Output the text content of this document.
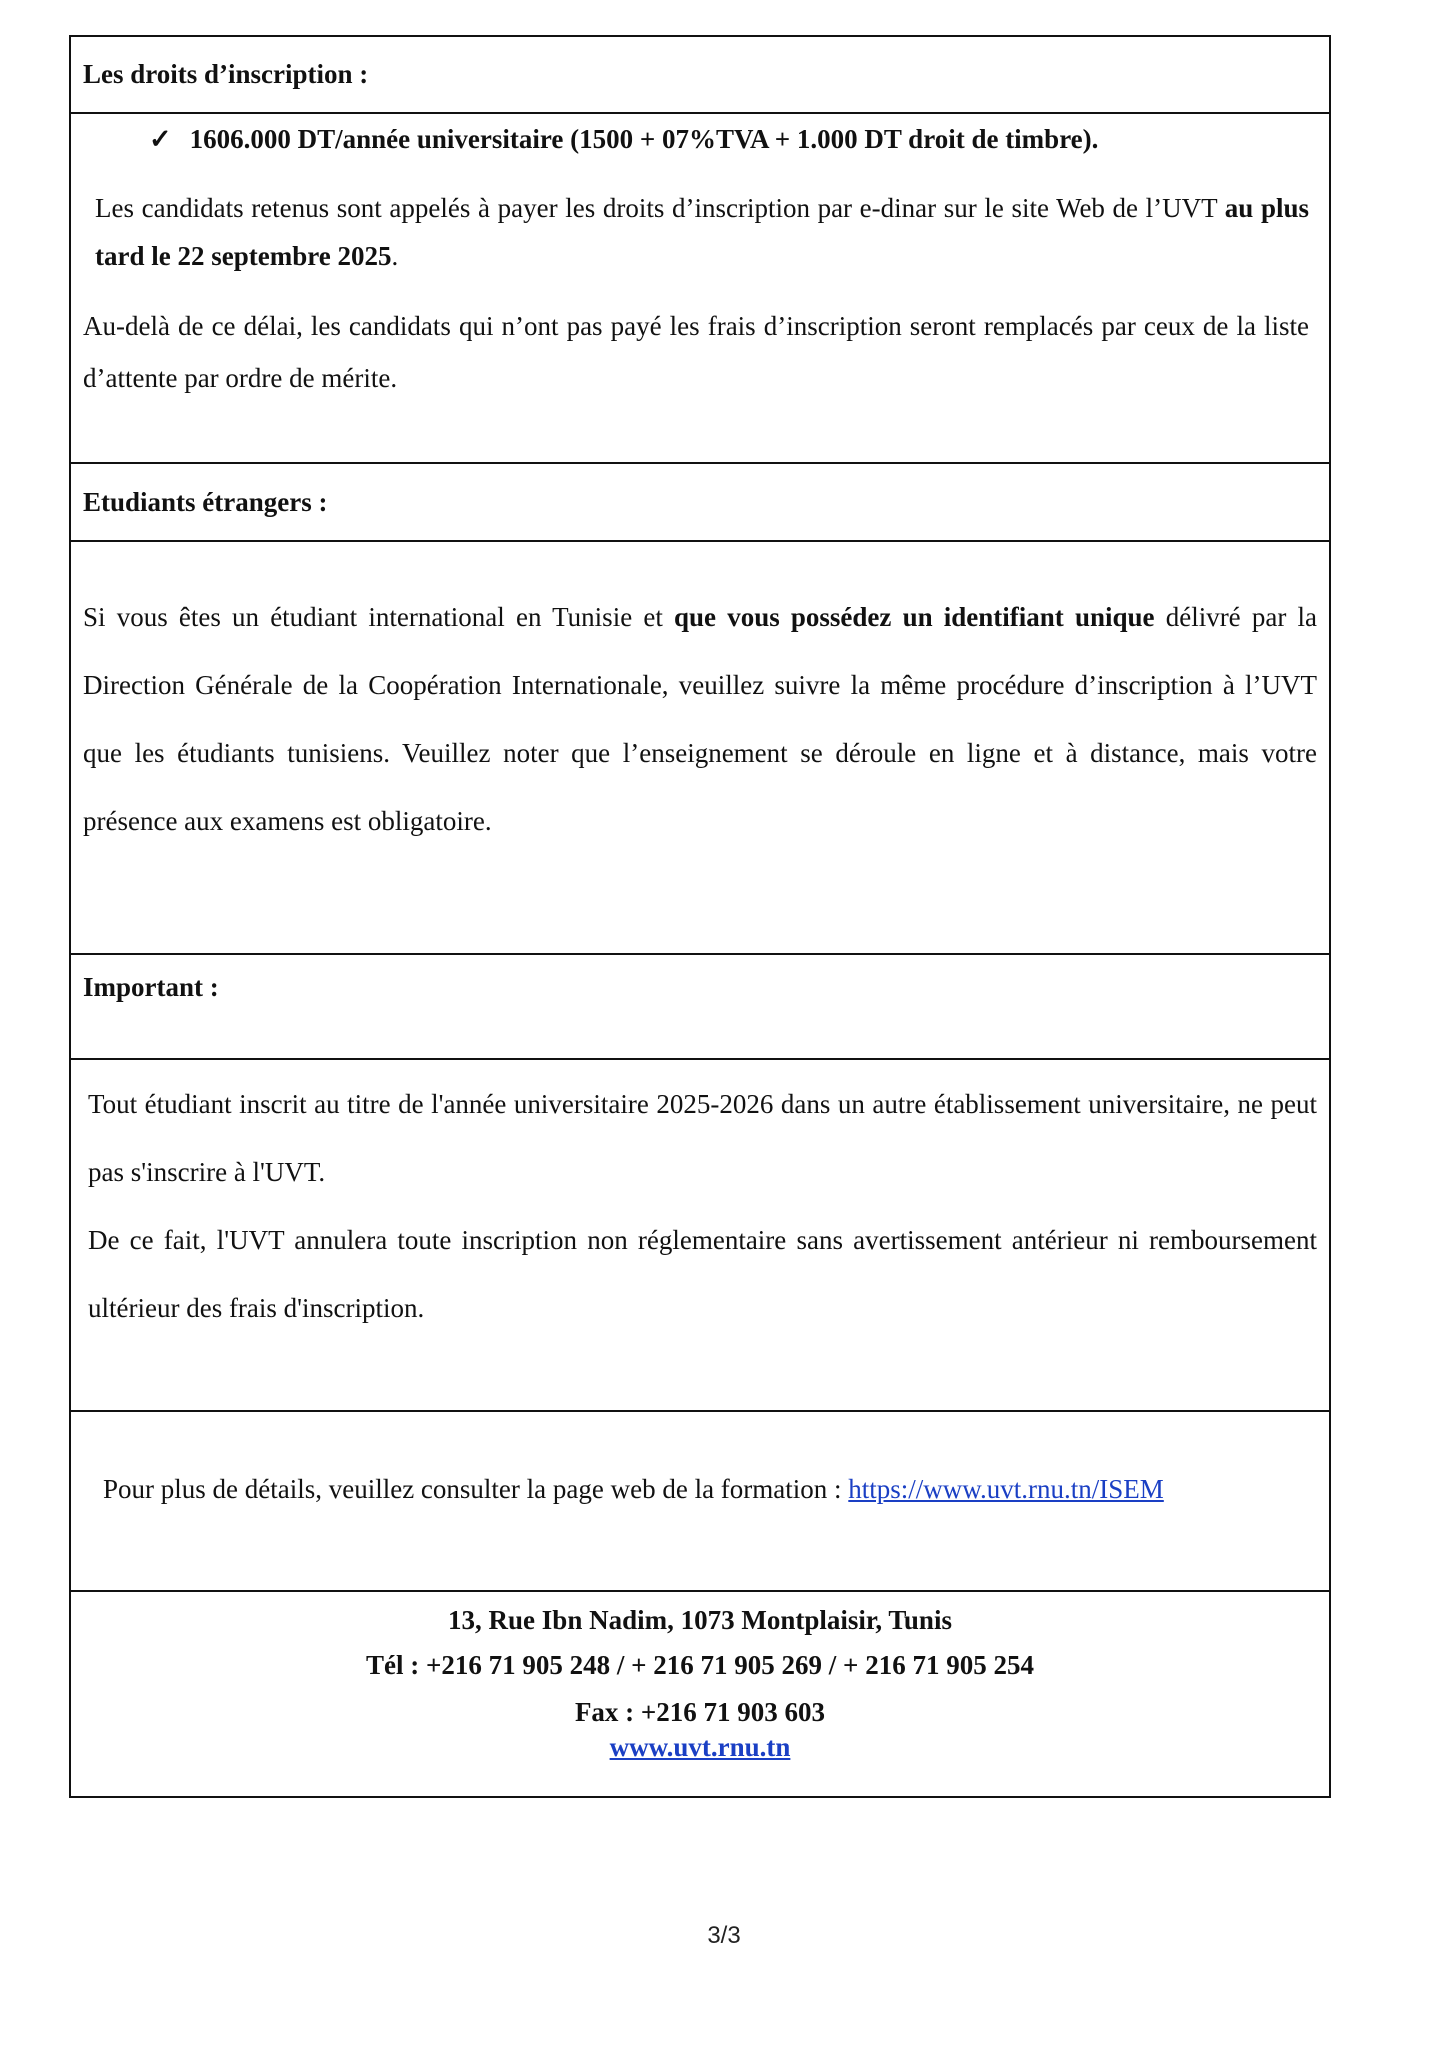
Les droits d’inscription :
✓ 1606.000 DT/année universitaire (1500 + 07%TVA + 1.000 DT droit de timbre).

Les candidats retenus sont appelés à payer les droits d’inscription par e-dinar sur le site Web de l’UVT au plus tard le 22 septembre 2025.

Au-delà de ce délai, les candidats qui n’ont pas payé les frais d’inscription seront remplacés par ceux de la liste d’attente par ordre de mérite.

Etudiants étrangers :

Si vous êtes un étudiant international en Tunisie et que vous possédez un identifiant unique délivré par la Direction Générale de la Coopération Internationale, veuillez suivre la même procédure d’inscription à l’UVT que les étudiants tunisiens. Veuillez noter que l’enseignement se déroule en ligne et à distance, mais votre présence aux examens est obligatoire.

Important :

Tout étudiant inscrit au titre de l'année universitaire 2025-2026 dans un autre établissement universitaire, ne peut pas s'inscrire à l'UVT.

De ce fait, l'UVT annulera toute inscription non réglementaire sans avertissement antérieur ni remboursement ultérieur des frais d'inscription.

Pour plus de détails, veuillez consulter la page web de la formation : https://www.uvt.rnu.tn/ISEM

13, Rue Ibn Nadim, 1073 Montplaisir, Tunis
Tél : +216 71 905 248 / + 216 71 905 269 / + 216 71 905 254
Fax : +216 71 903 603
www.uvt.rnu.tn
3/3
